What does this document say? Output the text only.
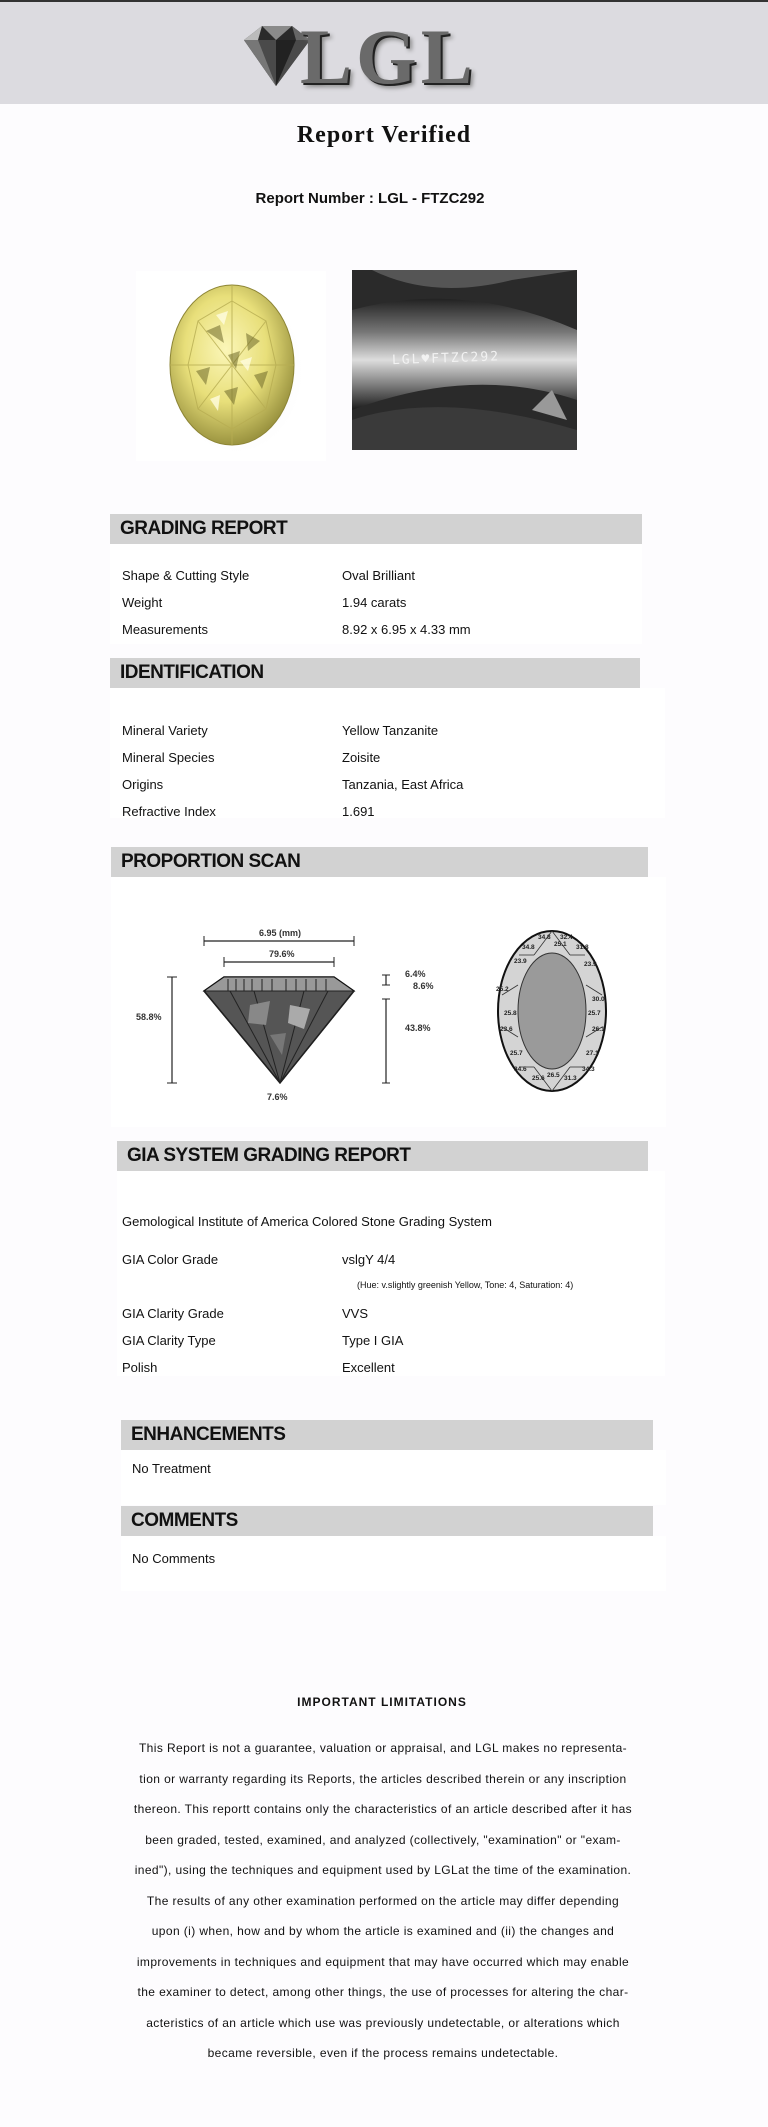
LGL
Report Verified
Report Number : LGL - FTZC292
LGL♥FTZC292
GRADING REPORT
Shape & Cutting Style	Oval Brilliant
Weight	1.94 carats
Measurements	8.92 x 6.95 x 4.33 mm
IDENTIFICATION
Mineral Variety	Yellow Tanzanite
Mineral Species	Zoisite
Origins	Tanzania, East Africa
Refractive Index	1.691
PROPORTION SCAN
6.95 (mm)
79.6%
7.6%
58.8%
6.4%
8.6%
43.8%
34.8 32.4
34.8	25.1 31.8
23.9	23.9
30.0
25.2
25.8	25.7
26.1
23.6
27.1
25.7
34.3
34.6
25.6 26.5 31.3
GIA SYSTEM GRADING REPORT
Gemological Institute of America Colored Stone Grading System
GIA Color Grade	vslgY 4/4
(Hue: v.slightly greenish Yellow, Tone: 4, Saturation: 4)
GIA Clarity Grade	VVS
GIA Clarity Type	Type I GIA
Polish	Excellent
ENHANCEMENTS
No Treatment
COMMENTS
No Comments
IMPORTANT LIMITATIONS

This Report is not a guarantee, valuation or appraisal, and LGL makes no representa-

tion or warranty regarding its Reports, the articles described therein or any inscription

thereon. This reportt contains only the characteristics of an article described after it has

been graded, tested, examined, and analyzed (collectively, "examination" or "exam-

ined"), using the techniques and equipment used by LGLat the time of the examination.

The results of any other examination performed on the article may differ depending

upon (i) when, how and by whom the article is examined and (ii) the changes and

improvements in techniques and equipment that may have occurred which may enable

the examiner to detect, among other things, the use of processes for altering the char-

acteristics of an article which use was previously undetectable, or alterations which

became reversible, even if the process remains undetectable.
